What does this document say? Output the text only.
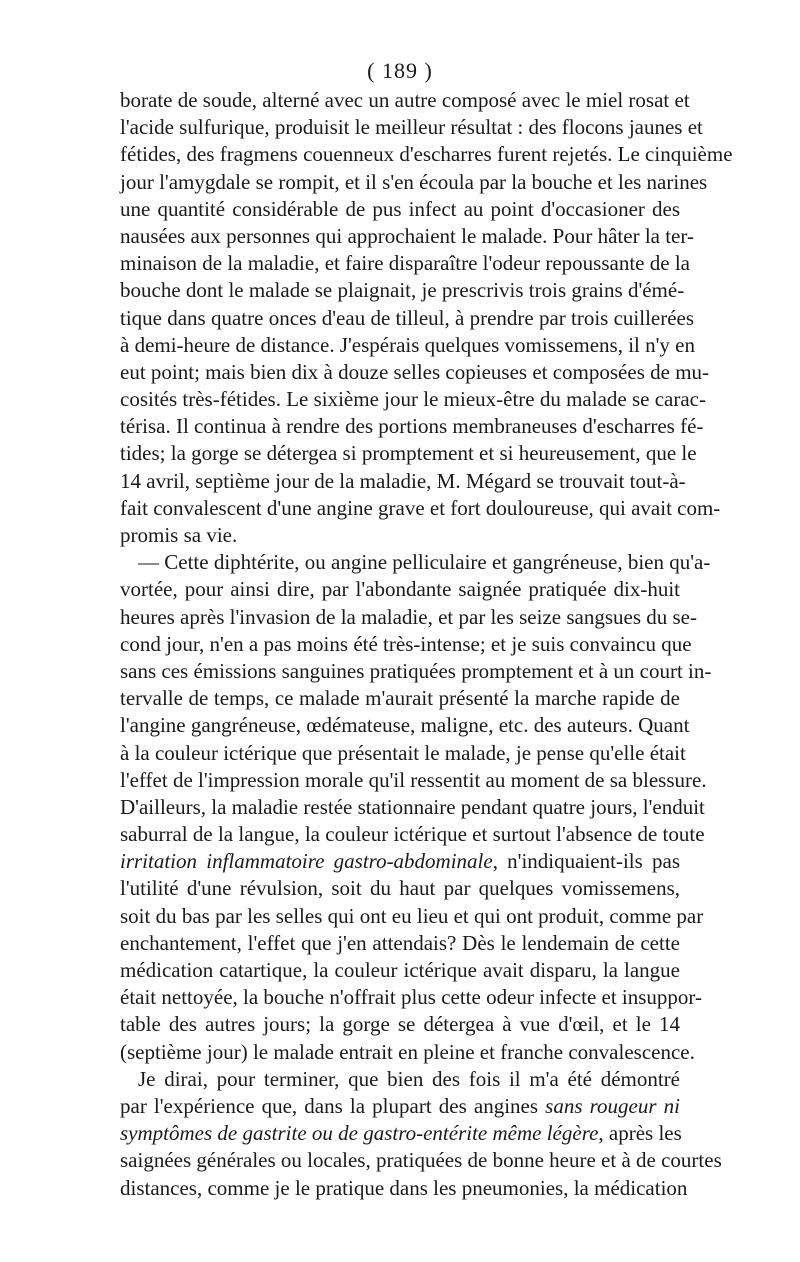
( 189 )
borate de soude, alterné avec un autre composé avec le miel rosat et
l'acide sulfurique, produisit le meilleur résultat : des flocons jaunes et
fétides, des fragmens couenneux d'escharres furent rejetés. Le cinquième
jour l'amygdale se rompit, et il s'en écoula par la bouche et les narines
une quantité considérable de pus infect au point d'occasioner des
nausées aux personnes qui approchaient le malade. Pour hâter la ter-
minaison de la maladie, et faire disparaître l'odeur repoussante de la
bouche dont le malade se plaignait, je prescrivis trois grains d'émé-
tique dans quatre onces d'eau de tilleul, à prendre par trois cuillerées
à demi-heure de distance. J'espérais quelques vomissemens, il n'y en
eut point; mais bien dix à douze selles copieuses et composées de mu-
cosités très-fétides. Le sixième jour le mieux-être du malade se carac-
térisa. Il continua à rendre des portions membraneuses d'escharres fé-
tides; la gorge se détergea si promptement et si heureusement, que le
14 avril, septième jour de la maladie, M. Mégard se trouvait tout-à-
fait convalescent d'une angine grave et fort douloureuse, qui avait com-
promis sa vie.
— Cette diphtérite, ou angine pelliculaire et gangréneuse, bien qu'a-
vortée, pour ainsi dire, par l'abondante saignée pratiquée dix-huit
heures après l'invasion de la maladie, et par les seize sangsues du se-
cond jour, n'en a pas moins été très-intense; et je suis convaincu que
sans ces émissions sanguines pratiquées promptement et à un court in-
tervalle de temps, ce malade m'aurait présenté la marche rapide de
l'angine gangréneuse, œdémateuse, maligne, etc. des auteurs. Quant
à la couleur ictérique que présentait le malade, je pense qu'elle était
l'effet de l'impression morale qu'il ressentit au moment de sa blessure.
D'ailleurs, la maladie restée stationnaire pendant quatre jours, l'enduit
saburral de la langue, la couleur ictérique et surtout l'absence de toute
irritation inflammatoire gastro-abdominale, n'indiquaient-ils pas
l'utilité d'une révulsion, soit du haut par quelques vomissemens,
soit du bas par les selles qui ont eu lieu et qui ont produit, comme par
enchantement, l'effet que j'en attendais? Dès le lendemain de cette
médication catartique, la couleur ictérique avait disparu, la langue
était nettoyée, la bouche n'offrait plus cette odeur infecte et insuppor-
table des autres jours; la gorge se détergea à vue d'œil, et le 14
(septième jour) le malade entrait en pleine et franche convalescence.
Je dirai, pour terminer, que bien des fois il m'a été démontré
par l'expérience que, dans la plupart des angines sans rougeur ni
symptômes de gastrite ou de gastro-entérite même légère, après les
saignées générales ou locales, pratiquées de bonne heure et à de courtes
distances, comme je le pratique dans les pneumonies, la médication
